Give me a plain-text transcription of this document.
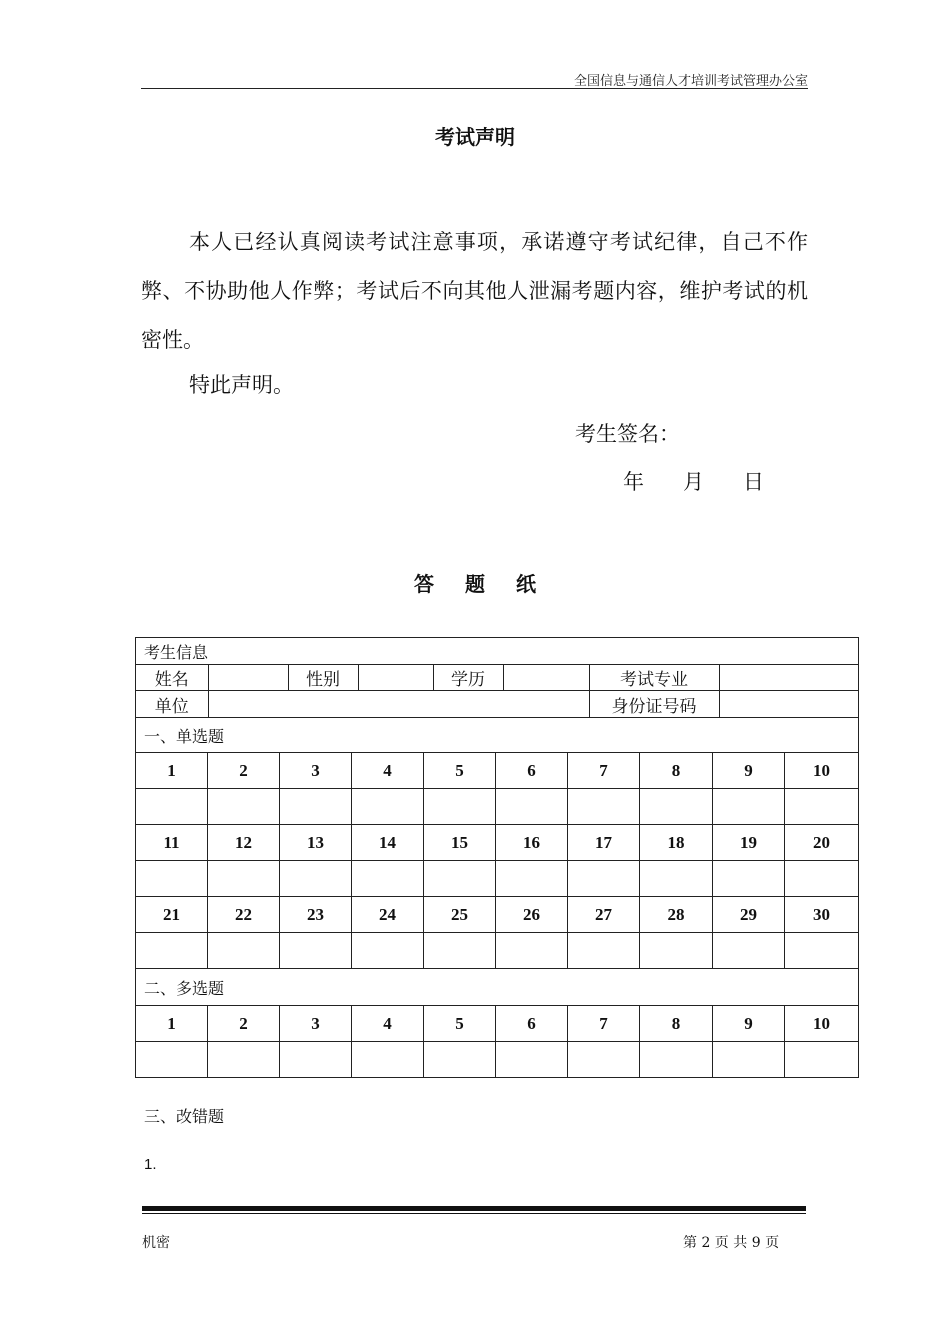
全国信息与通信人才培训考试管理办公室
考试声明
本人已经认真阅读考试注意事项，承诺遵守考试纪律，自己不作弊、不协助他人作弊；考试后不向其他人泄漏考题内容，维护考试的机密性。
特此声明。
考生签名：
年 月 日
答 题 纸
考生信息

姓名		性别		学历		考试专业	

单位		身份证号码	

一、单选题
1	2	3	4	5	6	7	8	9	10

11	12	13	14	15	16	17	18	19	20

21	22	23	24	25	26	27	28	29	30

二、多选题
1	2	3	4	5	6	7	8	9	10

三、改错题
1.
机密	第 2 页 共 9 页
